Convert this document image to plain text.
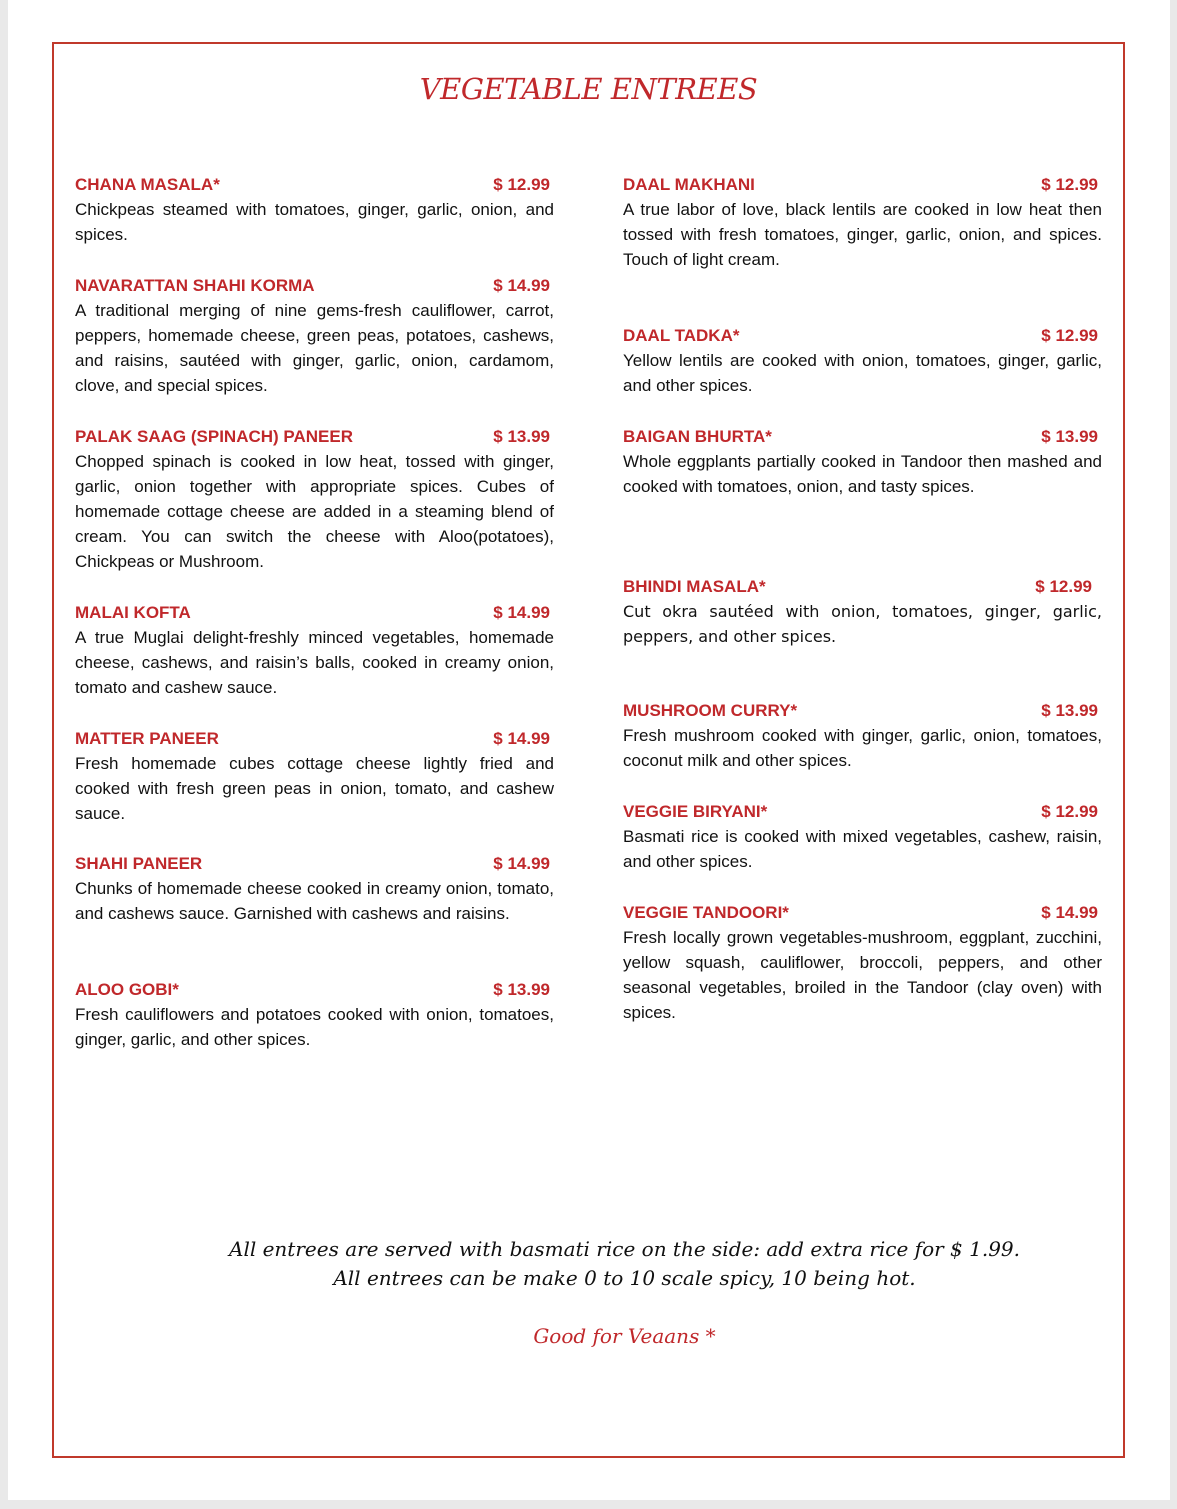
VEGETABLE ENTREES
CHANA MASALA*	$ 12.99
Chickpeas steamed with tomatoes, ginger, garlic, onion, and spices.
NAVARATTAN SHAHI KORMA	$ 14.99
A traditional merging of nine gems-fresh cauliflower, carrot, peppers, homemade cheese, green peas, potatoes, cashews, and raisins, sautéed with ginger, garlic, onion, cardamom, clove, and special spices.
PALAK SAAG (SPINACH) PANEER	$ 13.99
Chopped spinach is cooked in low heat, tossed with ginger, garlic, onion together with appropriate spices. Cubes of homemade cottage cheese are added in a steaming blend of cream. You can switch the cheese with Aloo(potatoes), Chickpeas or Mushroom.
MALAI KOFTA	$ 14.99
A true Muglai delight-freshly minced vegetables, homemade cheese, cashews, and raisin’s balls, cooked in creamy onion, tomato and cashew sauce.
MATTER PANEER	$ 14.99
Fresh homemade cubes cottage cheese lightly fried and cooked with fresh green peas in onion, tomato, and cashew sauce.
SHAHI PANEER	$ 14.99
Chunks of homemade cheese cooked in creamy onion, tomato, and cashews sauce. Garnished with cashews and raisins.
ALOO GOBI*	$ 13.99
Fresh cauliflowers and potatoes cooked with onion, tomatoes, ginger, garlic, and other spices.
DAAL MAKHANI	$ 12.99
A true labor of love, black lentils are cooked in low heat then tossed with fresh tomatoes, ginger, garlic, onion, and spices. Touch of light cream.
DAAL TADKA*	$ 12.99
Yellow lentils are cooked with onion, tomatoes, ginger, garlic, and other spices.
BAIGAN BHURTA*	$ 13.99
Whole eggplants partially cooked in Tandoor then mashed and cooked with tomatoes, onion, and tasty spices.
BHINDI MASALA*	$ 12.99
Cut okra sautéed with onion, tomatoes, ginger, garlic, peppers, and other spices.
MUSHROOM CURRY*	$ 13.99
Fresh mushroom cooked with ginger, garlic, onion, tomatoes, coconut milk and other spices.
VEGGIE BIRYANI*	$ 12.99
Basmati rice is cooked with mixed vegetables, cashew, raisin, and other spices.
VEGGIE TANDOORI*	$ 14.99
Fresh locally grown vegetables-mushroom, eggplant, zucchini, yellow squash, cauliflower, broccoli, peppers, and other seasonal vegetables, broiled in the Tandoor (clay oven) with spices.
All entrees are served with basmati rice on the side: add extra rice for $ 1.99.
All entrees can be make 0 to 10 scale spicy, 10 being hot.
Good for Veaans *
